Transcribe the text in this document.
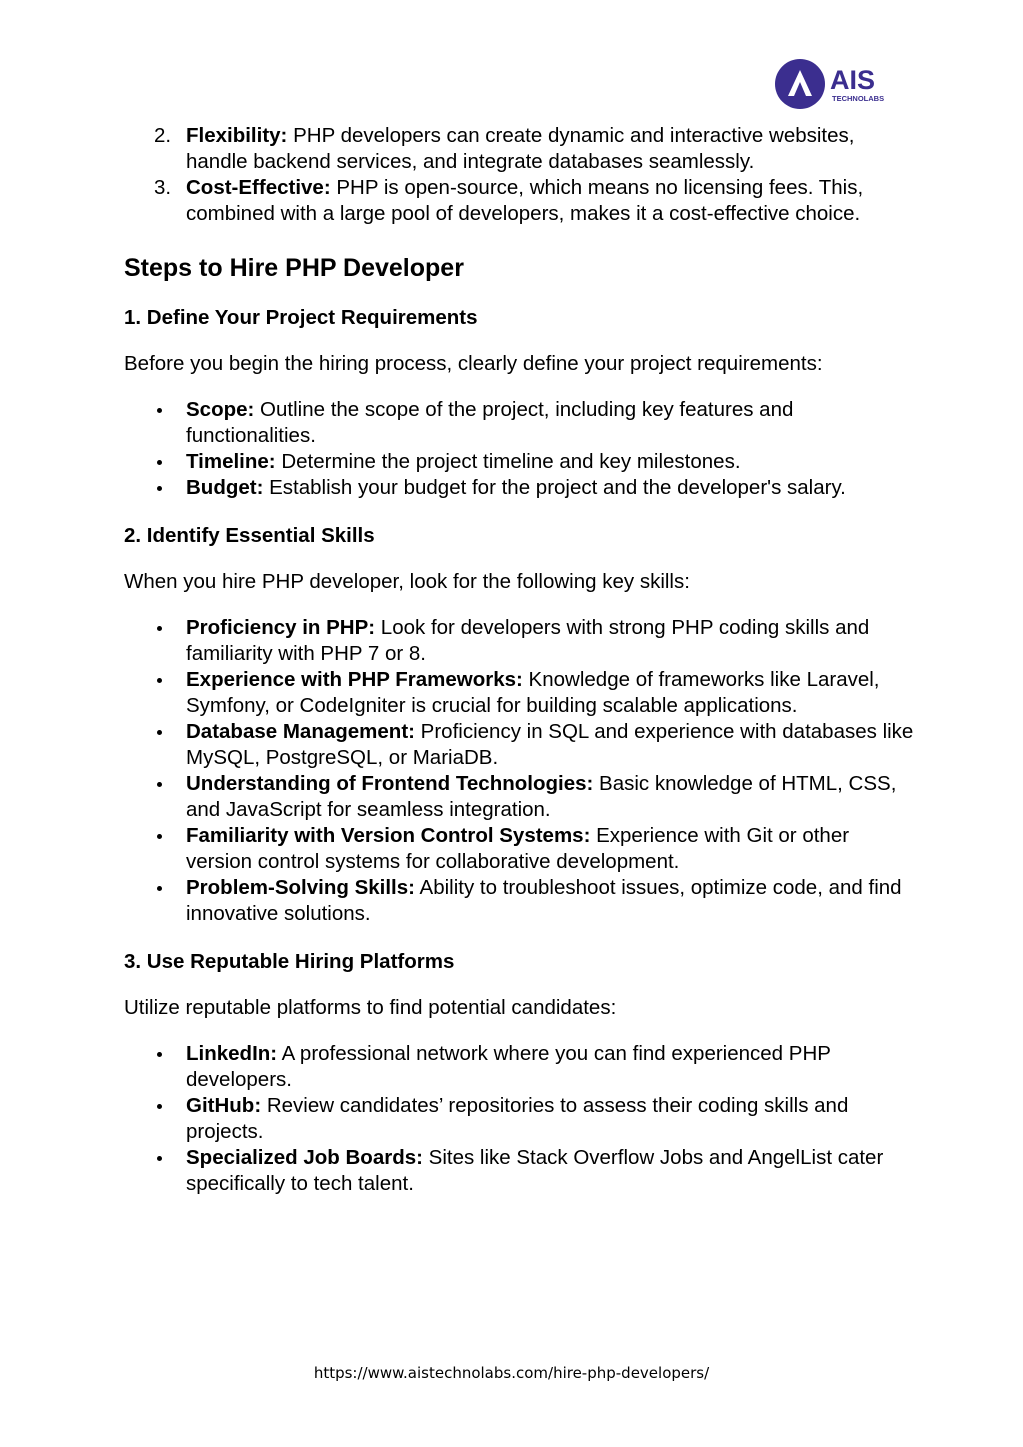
AIS
TECHNOLABS
2. Flexibility: PHP developers can create dynamic and interactive websites, handle backend services, and integrate databases seamlessly.
3. Cost-Effective: PHP is open-source, which means no licensing fees. This, combined with a large pool of developers, makes it a cost-effective choice.
Steps to Hire PHP Developer
1. Define Your Project Requirements

Before you begin the hiring process, clearly define your project requirements:

Scope: Outline the scope of the project, including key features and functionalities.
Timeline: Determine the project timeline and key milestones.
Budget: Establish your budget for the project and the developer's salary.
2. Identify Essential Skills

When you hire PHP developer, look for the following key skills:

Proficiency in PHP: Look for developers with strong PHP coding skills and familiarity with PHP 7 or 8.
Experience with PHP Frameworks: Knowledge of frameworks like Laravel, Symfony, or CodeIgniter is crucial for building scalable applications.
Database Management: Proficiency in SQL and experience with databases like MySQL, PostgreSQL, or MariaDB.
Understanding of Frontend Technologies: Basic knowledge of HTML, CSS, and JavaScript for seamless integration.
Familiarity with Version Control Systems: Experience with Git or other version control systems for collaborative development.
Problem-Solving Skills: Ability to troubleshoot issues, optimize code, and find innovative solutions.
3. Use Reputable Hiring Platforms

Utilize reputable platforms to find potential candidates:

LinkedIn: A professional network where you can find experienced PHP developers.
GitHub: Review candidates’ repositories to assess their coding skills and projects.
Specialized Job Boards: Sites like Stack Overflow Jobs and AngelList cater specifically to tech talent.
https://www.aistechnolabs.com/hire-php-developers/
